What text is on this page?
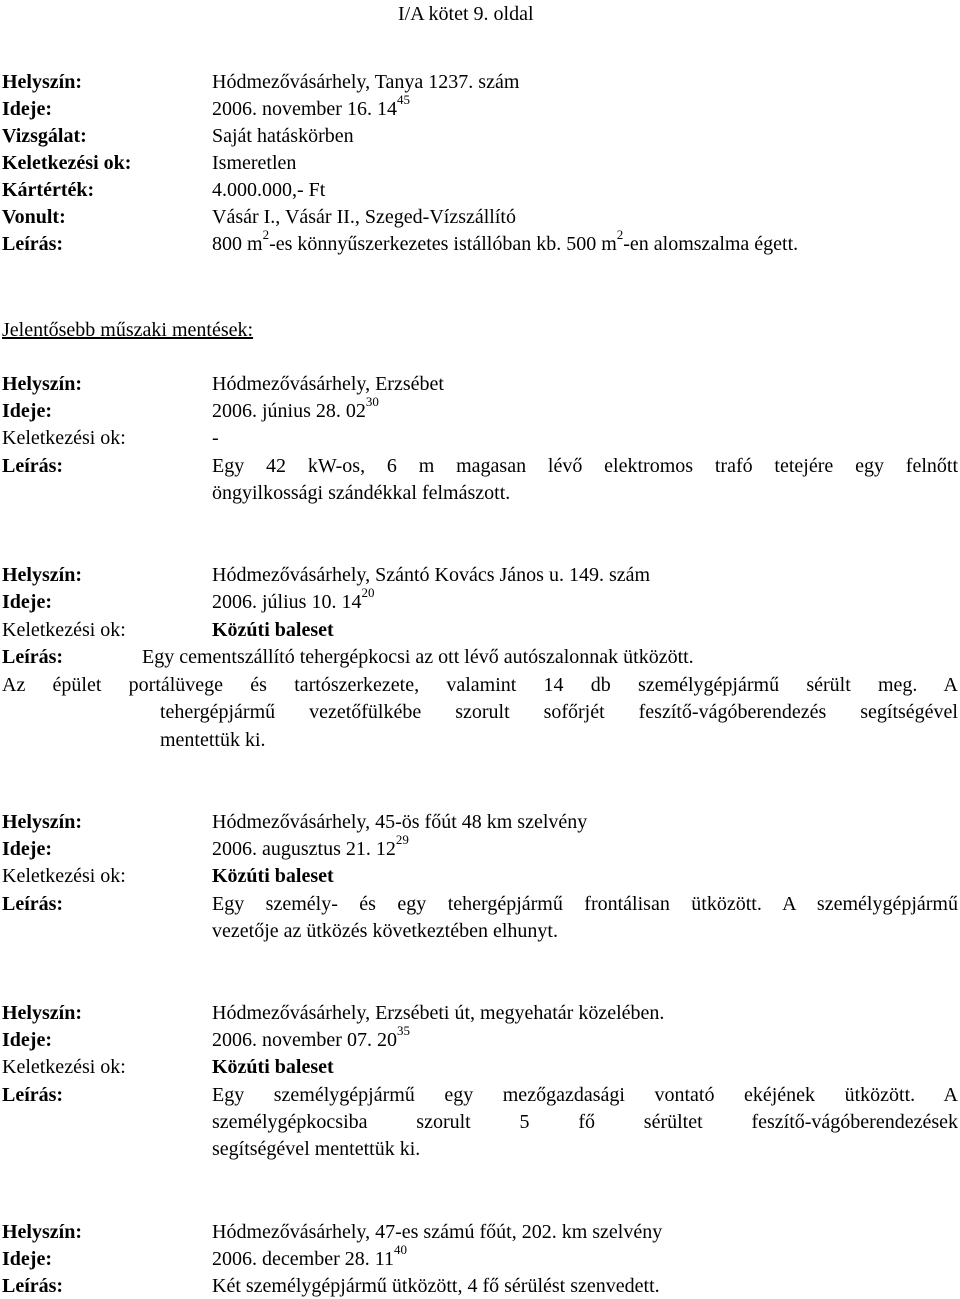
I/A kötet 9. oldal
Helyszín:	Hódmezővásárhely, Tanya 1237. szám
Ideje:	2006. november 16. $14^{45}$
Vizsgálat:	Saját hatáskörben
Keletkezési ok:	Ismeretlen
Kártérték:	4.000.000,- Ft
Vonult:	Vásár I., Vásár II., Szeged-Vízszállító
Leírás:	800 $m^2-es$ könnyűszerkezetes istállóban kb. 500 $m^2-en$ alomszalma égett.
Jelentősebb műszaki mentések:
Helyszín:	Hódmezővásárhely, Erzsébet
Ideje:	2006. június 28. $02^{30}$
Keletkezési ok:	-
Leírás:	Egy 42 kW-os, 6 m magasan lévő elektromos trafó tetejére egy felnőtt
öngyilkossági szándékkal felmászott.
Helyszín:	Hódmezővásárhely, Szántó Kovács János u. 149. szám
Ideje:	2006. július 10. $14^{20}$
Keletkezési ok:	Közúti baleset
Leírás:	Egy cementszállító tehergépkocsi az ott lévő autószalonnak ütközött.
Az épület portálüvege és tartószerkezete, valamint 14 db személygépjármű sérült meg. A
tehergépjármű vezetőfülkébe szorult sofőrjét feszítő-vágóberendezés segítségével
mentettük ki.
Helyszín:	Hódmezővásárhely, 45-ös főút 48 km szelvény
Ideje:	2006. augusztus 21. $12^{29}$
Keletkezési ok:	Közúti baleset
Leírás:	Egy személy- és egy tehergépjármű frontálisan ütközött. A személygépjármű
vezetője az ütközés következtében elhunyt.
Helyszín:	Hódmezővásárhely, Erzsébeti út, megyehatár közelében.
Ideje:	2006. november 07. $20^{35}$
Keletkezési ok:	Közúti baleset
Leírás:	Egy személygépjármű egy mezőgazdasági vontató ekéjének ütközött. A
személygépkocsiba szorult 5 fő sérültet feszítő-vágóberendezések
segítségével mentettük ki.
Helyszín:	Hódmezővásárhely, 47-es számú főút, 202. km szelvény
Ideje:	2006. december 28. $11^{40}$
Leírás:	Két személygépjármű ütközött, 4 fő sérülést szenvedett.
